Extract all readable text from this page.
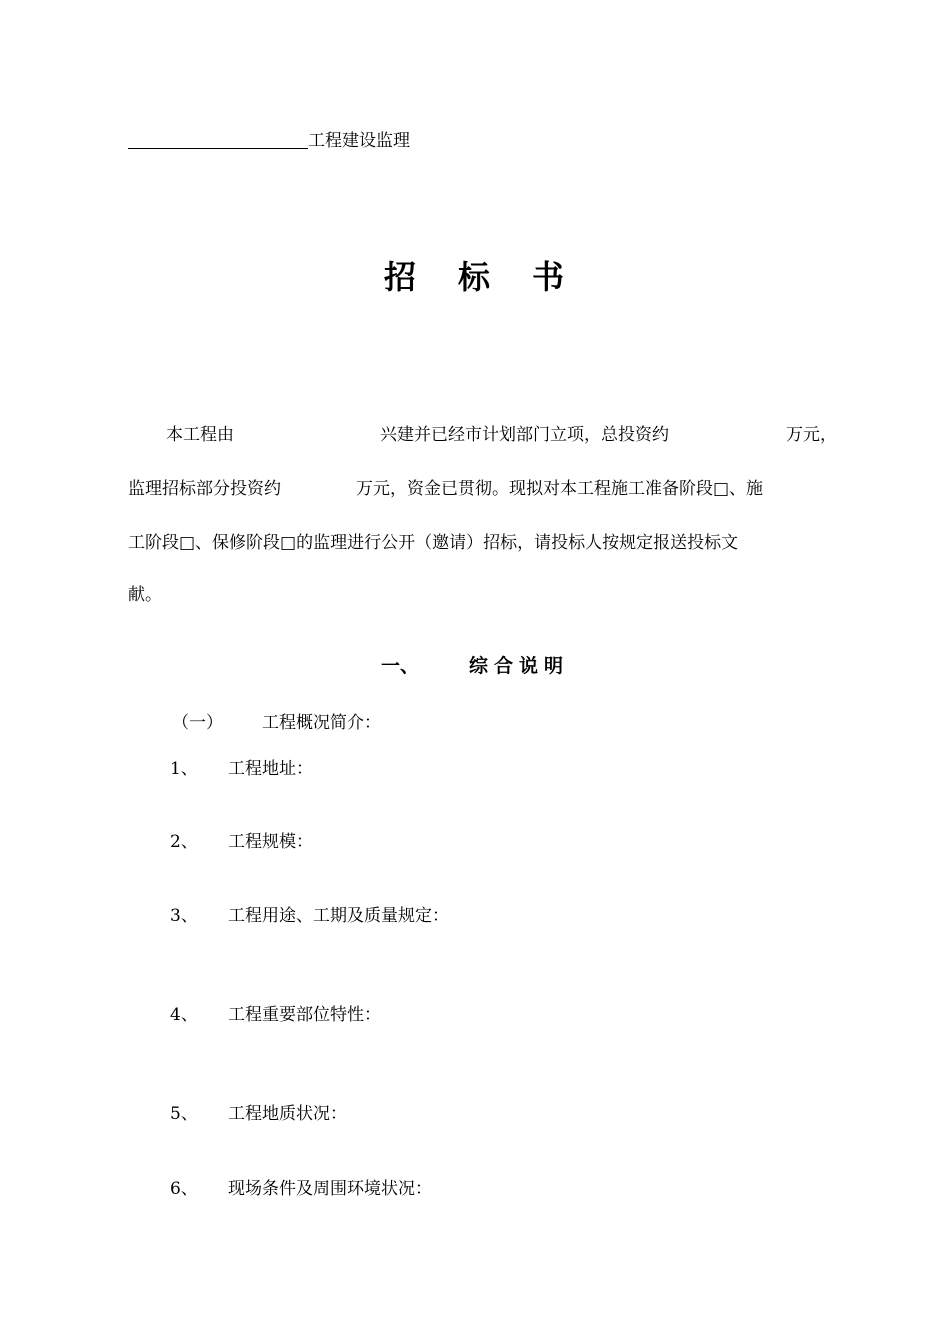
工程建设监理
招 标 书
本工程由	兴建并已经市计划部门立项，总投资约	万元，
监理招标部分投资约	万元，资金已贯彻。现拟对本工程施工准备阶段□、施
工阶段□、保修阶段□的监理进行公开（邀请）招标，请投标人按规定报送投标文
献。
一、	综合说明
（一） 工程概况简介：
1、 工程地址：
2、 工程规模：
3、 工程用途、工期及质量规定：
4、 工程重要部位特性：
5、 工程地质状况：
6、 现场条件及周围环境状况：
